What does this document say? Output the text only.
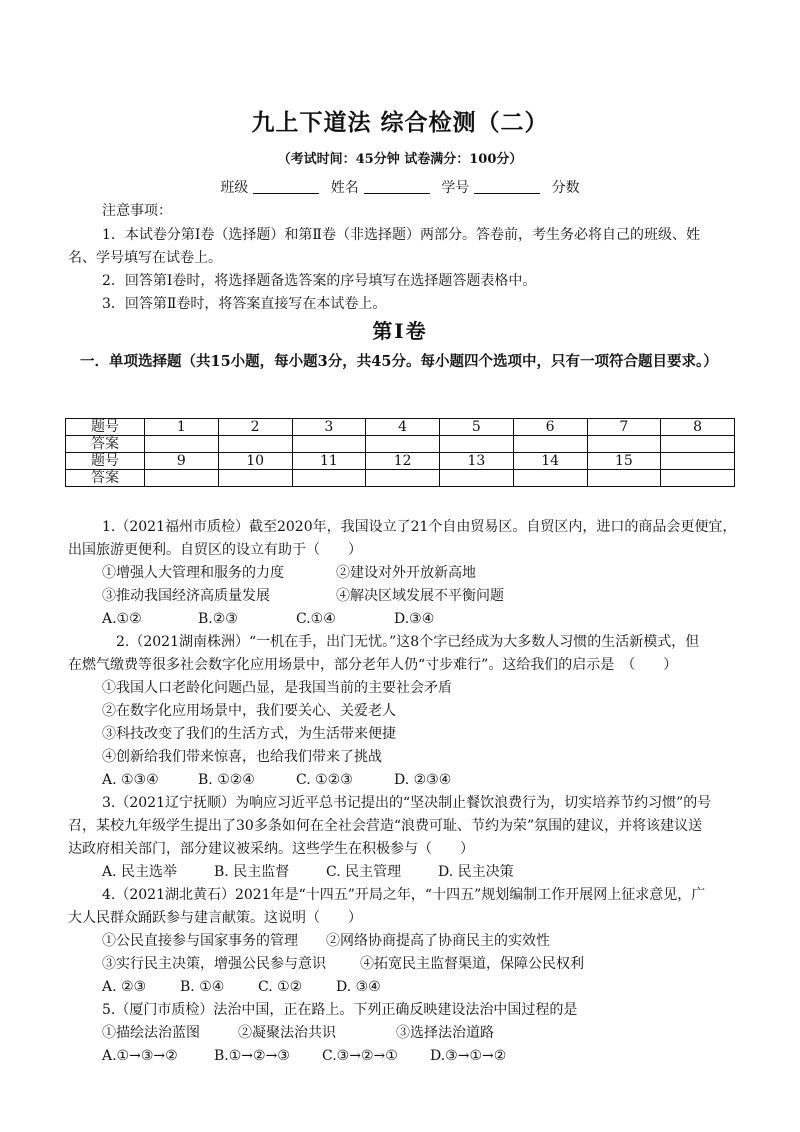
九上下道法 综合检测（二）
（考试时间：45分钟 试卷满分：100分）
班级	姓名	学号	分数
注意事项：
1．本试卷分第Ⅰ卷（选择题）和第Ⅱ卷（非选择题）两部分。答卷前，考生务必将自己的班级、姓
名、学号填写在试卷上。
2．回答第Ⅰ卷时，将选择题备选答案的序号填写在选择题答题表格中。
3．回答第Ⅱ卷时，将答案直接写在本试卷上。
第Ⅰ卷
一．单项选择题（共15小题，每小题3分，共45分。每小题四个选项中，只有一项符合题目要求。）
题号	1	2	3	4	5	6	7	8
答案								
题号	9	10	11	12	13	14	15	
答案								
1.（2021福州市质检）截至2020年，我国设立了21个自由贸易区。自贸区内，进口的商品会更便宜，
出国旅游更便利。自贸区的设立有助于（　　）
①增强人大管理和服务的力度	②建设对外开放新高地
③推动我国经济高质量发展	④解决区域发展不平衡问题
A.①②	B.②③	C.①④	D.③④
2.（2021湖南株洲）“一机在手，出门无忧。”这8个字已经成为大多数人习惯的生活新模式，但
在燃气缴费等很多社会数字化应用场景中，部分老年人仍“寸步难行”。这给我们的启示是　（　　）
①我国人口老龄化问题凸显，是我国当前的主要社会矛盾
②在数字化应用场景中，我们要关心、关爱老人
③科技改变了我们的生活方式，为生活带来便捷
④创新给我们带来惊喜，也给我们带来了挑战
A. ①③④	B. ①②④	C. ①②③	D. ②③④
3.（2021辽宁抚顺）为响应习近平总书记提出的“坚决制止餐饮浪费行为，切实培养节约习惯”的号
召，某校九年级学生提出了30多条如何在全社会营造“浪费可耻、节约为荣”氛围的建议，并将该建议送
达政府相关部门，部分建议被采纳。这些学生在积极参与（　　）
A. 民主选举	B. 民主监督	C. 民主管理	D. 民主决策
4.（2021湖北黄石）2021年是“十四五”开局之年，“十四五”规划编制工作开展网上征求意见，广
大人民群众踊跃参与建言献策。这说明（　　）
①公民直接参与国家事务的管理 ②网络协商提高了协商民主的实效性
③实行民主决策，增强公民参与意识 ④拓宽民主监督渠道，保障公民权利
A. ②③ B. ①④ C. ①② D. ③④
5.（厦门市质检）法治中国，正在路上。下列正确反映建设法治中国过程的是
①描绘法治蓝图	②凝聚法治共识	③选择法治道路
A.①→③→②	B.①→②→③ C.③→②→① D.③→①→②
